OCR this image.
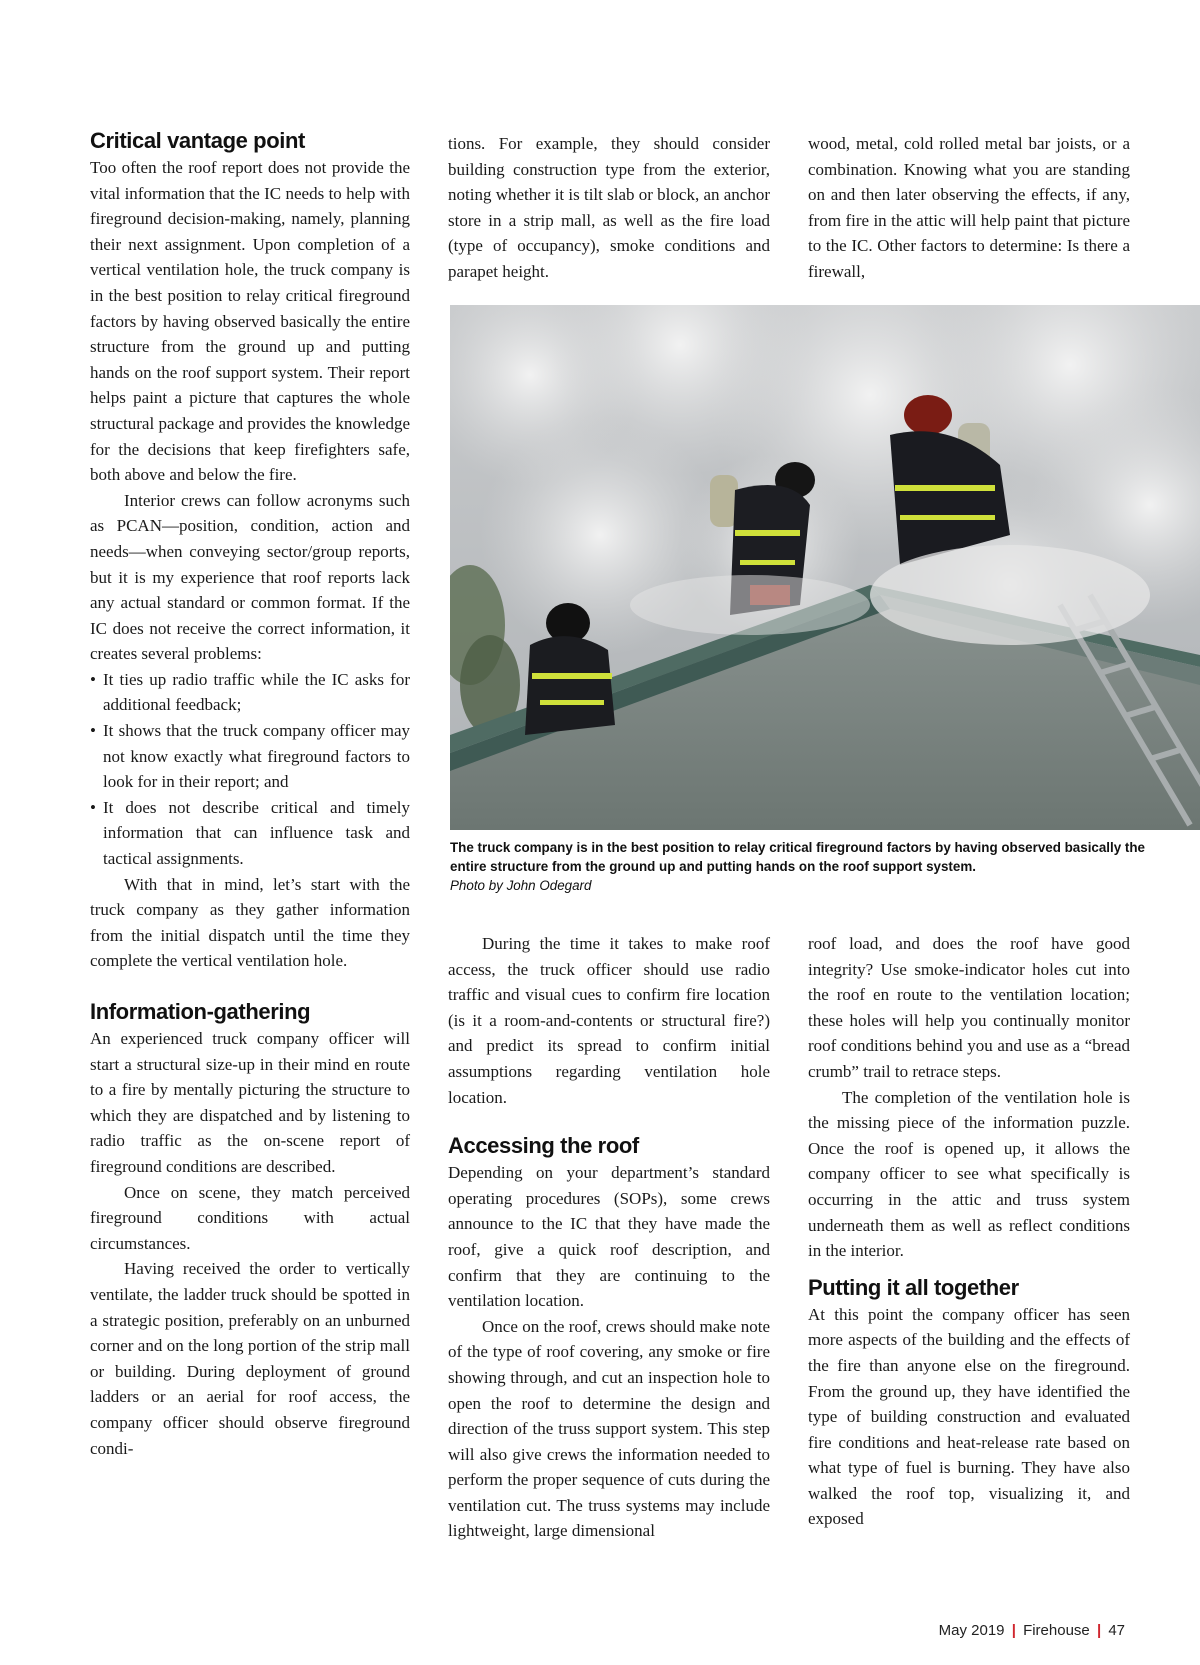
Critical vantage point

Too often the roof report does not provide the vital information that the IC needs to help with fireground decision-making, namely, planning their next assignment. Upon completion of a vertical ventilation hole, the truck company is in the best position to relay critical fireground factors by having observed basically the entire structure from the ground up and putting hands on the roof support system. Their report helps paint a picture that captures the whole structural package and provides the knowledge for the decisions that keep firefighters safe, both above and below the fire.

Interior crews can follow acronyms such as PCAN—position, condition, action and needs—when conveying sector/group reports, but it is my experience that roof reports lack any actual standard or common format. If the IC does not receive the correct information, it creates several problems:

• It ties up radio traffic while the IC asks for additional feedback;
• It shows that the truck company officer may not know exactly what fireground factors to look for in their report; and
• It does not describe critical and timely information that can influence task and tactical assignments.

With that in mind, let’s start with the truck company as they gather information from the initial dispatch until the time they complete the vertical ventilation hole.

Information-gathering

An experienced truck company officer will start a structural size-up in their mind en route to a fire by mentally picturing the structure to which they are dispatched and by listening to radio traffic as the on-scene report of fireground conditions are described.

Once on scene, they match perceived fireground conditions with actual circumstances.

Having received the order to vertically ventilate, the ladder truck should be spotted in a strategic position, preferably on an unburned corner and on the long portion of the strip mall or building. During deployment of ground ladders or an aerial for roof access, the company officer should observe fireground condi-

tions. For example, they should consider building construction type from the exterior, noting whether it is tilt slab or block, an anchor store in a strip mall, as well as the fire load (type of occupancy), smoke conditions and parapet height.

wood, metal, cold rolled metal bar joists, or a combination. Knowing what you are standing on and then later observing the effects, if any, from fire in the attic will help paint that picture to the IC. Other factors to determine: Is there a firewall,

The truck company is in the best position to relay critical fireground factors by having observed basically the entire structure from the ground up and putting hands on the roof support system.
Photo by John Odegard

During the time it takes to make roof access, the truck officer should use radio traffic and visual cues to confirm fire location (is it a room-and-contents or structural fire?) and predict its spread to confirm initial assumptions regarding ventilation hole location.

Accessing the roof

Depending on your department’s standard operating procedures (SOPs), some crews announce to the IC that they have made the roof, give a quick roof description, and confirm that they are continuing to the ventilation location.

Once on the roof, crews should make note of the type of roof covering, any smoke or fire showing through, and cut an inspection hole to open the roof to determine the design and direction of the truss support system. This step will also give crews the information needed to perform the proper sequence of cuts during the ventilation cut. The truss systems may include lightweight, large dimensional

roof load, and does the roof have good integrity? Use smoke-indicator holes cut into the roof en route to the ventilation location; these holes will help you continually monitor roof conditions behind you and use as a “bread crumb” trail to retrace steps.

The completion of the ventilation hole is the missing piece of the information puzzle. Once the roof is opened up, it allows the company officer to see what specifically is occurring in the attic and truss system underneath them as well as reflect conditions in the interior.

Putting it all together

At this point the company officer has seen more aspects of the building and the effects of the fire than anyone else on the fireground. From the ground up, they have identified the type of building construction and evaluated fire conditions and heat-release rate based on what type of fuel is burning. They have also walked the roof top, visualizing it, and exposed

May 2019 | Firehouse | 47
